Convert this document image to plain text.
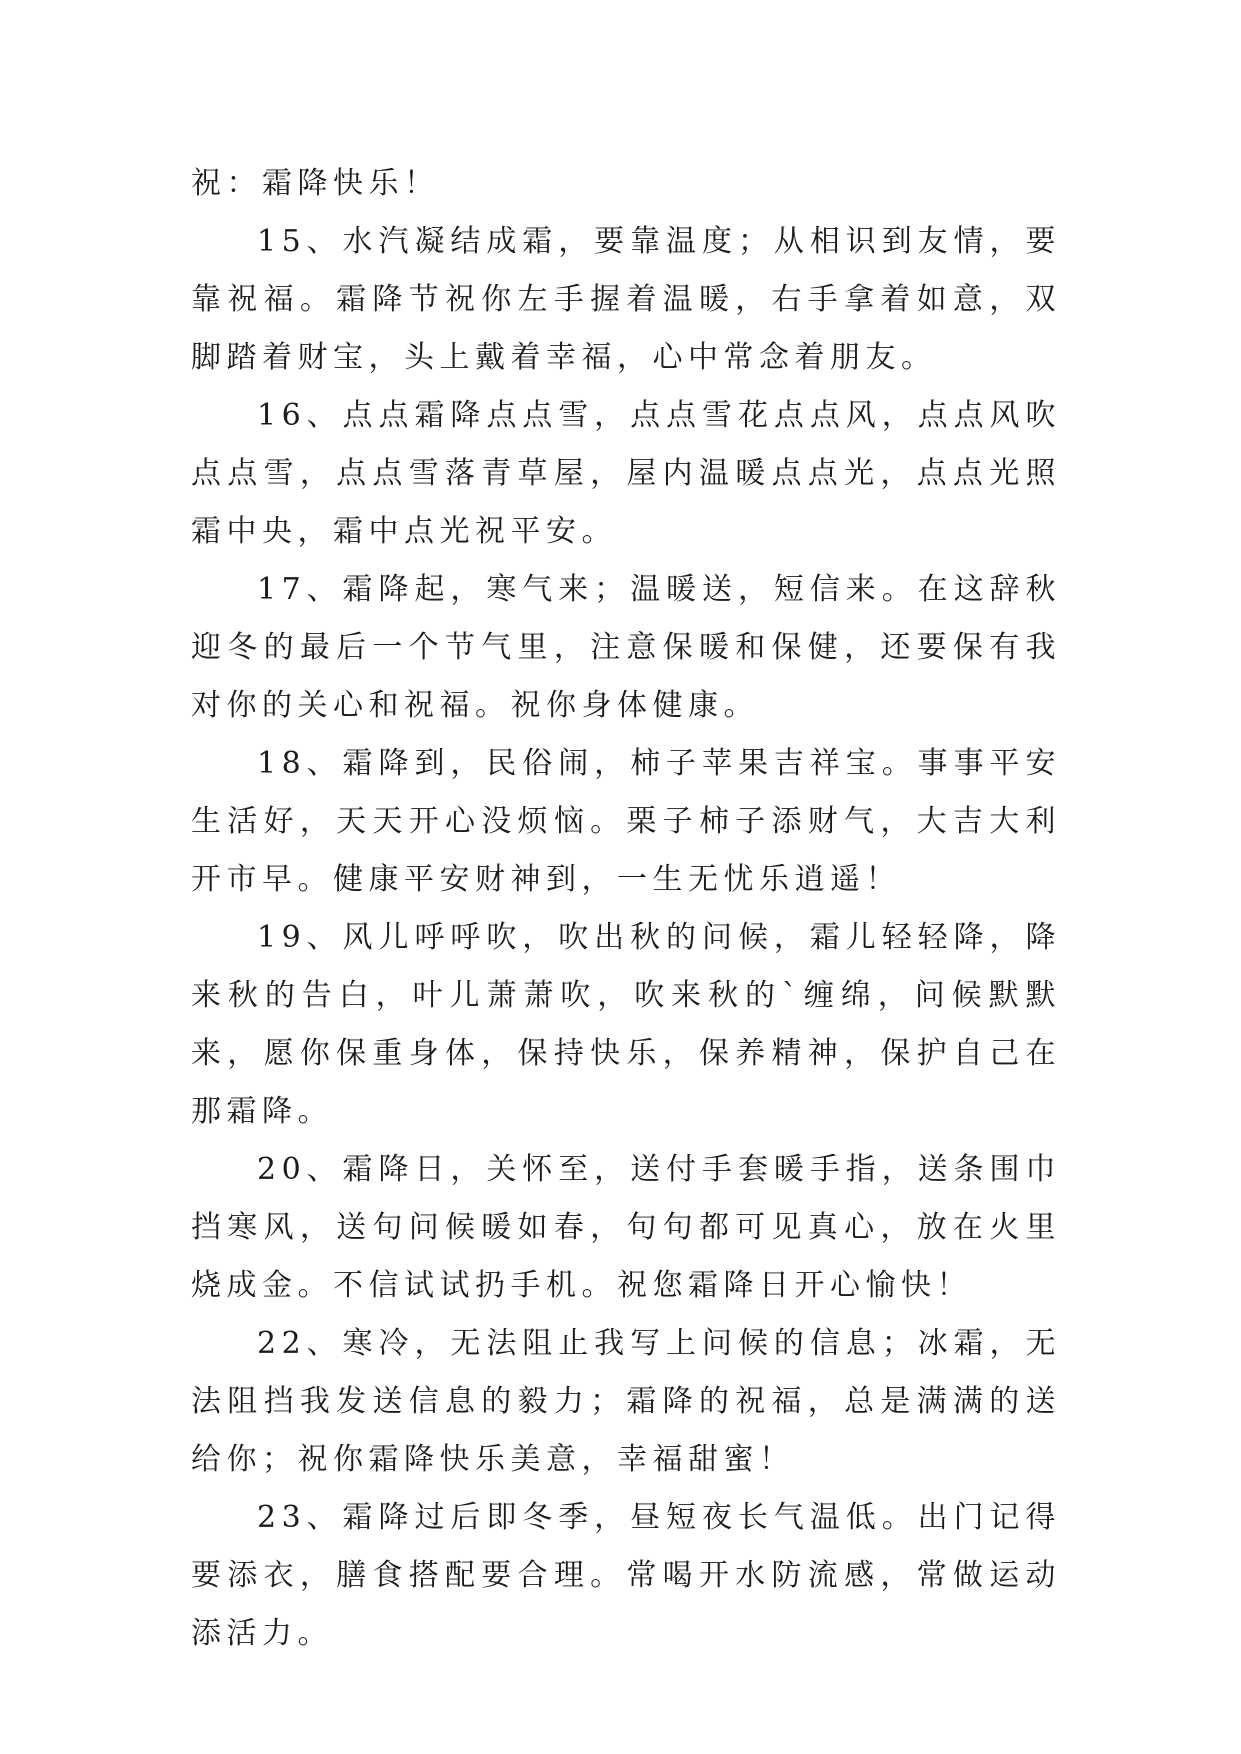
祝：霜降快乐！

15、水汽凝结成霜，要靠温度；从相识到友情，要靠祝福。霜降节祝你左手握着温暖，右手拿着如意，双脚踏着财宝，头上戴着幸福，心中常念着朋友。

16、点点霜降点点雪，点点雪花点点风，点点风吹点点雪，点点雪落青草屋，屋内温暖点点光，点点光照霜中央，霜中点光祝平安。

17、霜降起，寒气来；温暖送，短信来。在这辞秋迎冬的最后一个节气里，注意保暖和保健，还要保有我对你的关心和祝福。祝你身体健康。

18、霜降到，民俗闹，柿子苹果吉祥宝。事事平安生活好，天天开心没烦恼。栗子柿子添财气，大吉大利开市早。健康平安财神到，一生无忧乐逍遥！

19、风儿呼呼吹，吹出秋的问候，霜儿轻轻降，降来秋的告白，叶儿萧萧吹，吹来秋的`缠绵，问候默默来，愿你保重身体，保持快乐，保养精神，保护自己在那霜降。

20、霜降日，关怀至，送付手套暖手指，送条围巾挡寒风，送句问候暖如春，句句都可见真心，放在火里烧成金。不信试试扔手机。祝您霜降日开心愉快！

22、寒冷，无法阻止我写上问候的信息；冰霜，无法阻挡我发送信息的毅力；霜降的祝福，总是满满的送给你；祝你霜降快乐美意，幸福甜蜜！

23、霜降过后即冬季，昼短夜长气温低。出门记得要添衣，膳食搭配要合理。常喝开水防流感，常做运动添活力。
